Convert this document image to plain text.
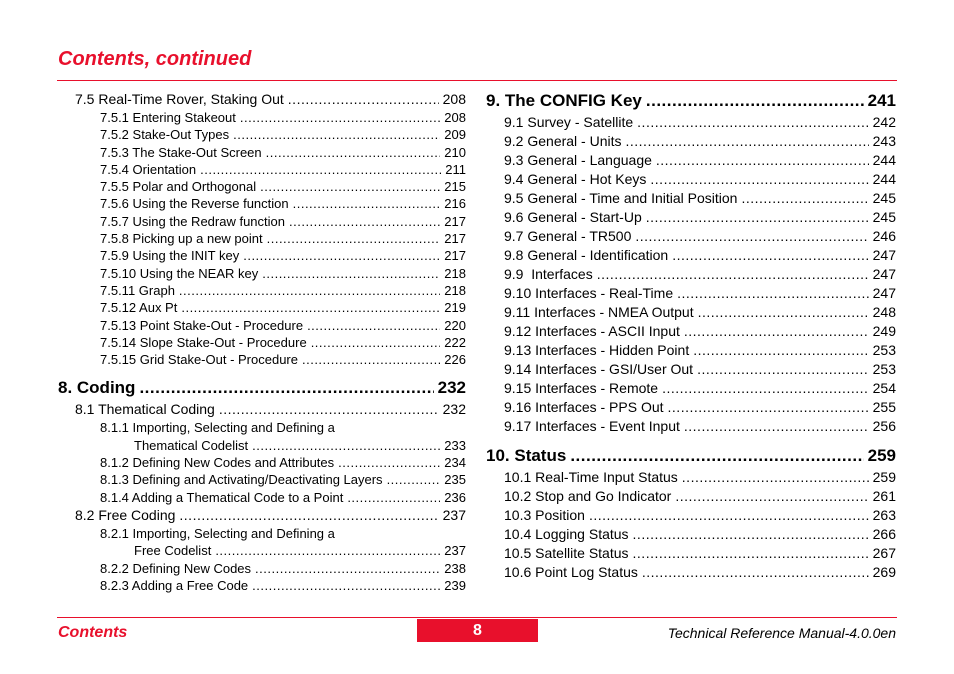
Contents, continued
7.5 Real-Time Rover, Staking Out .....	208
7.5.1 Entering Stakeout .....	208
7.5.2 Stake-Out Types .....	209
7.5.3 The Stake-Out Screen .....	210
7.5.4 Orientation .....	211
7.5.5 Polar and Orthogonal .....	215
7.5.6 Using the Reverse function .....	216
7.5.7 Using the Redraw function .....	217
7.5.8 Picking up a new point .....	217
7.5.9 Using the INIT key .....	217
7.5.10 Using the NEAR key .....	218
7.5.11 Graph .....	218
7.5.12 Aux Pt .....	219
7.5.13 Point Stake-Out - Procedure .....	220
7.5.14 Slope Stake-Out - Procedure .....	222
7.5.15 Grid Stake-Out - Procedure .....	226
8. Coding .....	232
8.1 Thematical Coding .....	232
8.1.1 Importing, Selecting and Defining a
Thematical Codelist .....	233
8.1.2 Defining New Codes and Attributes .....	234
8.1.3 Defining and Activating/Deactivating Layers .....	235
8.1.4 Adding a Thematical Code to a Point .....	236
8.2 Free Coding .....	237
8.2.1 Importing, Selecting and Defining a
Free Codelist .....	237
8.2.2 Defining New Codes .....	238
8.2.3 Adding a Free Code .....	239
9. The CONFIG Key .....	241
9.1 Survey - Satellite .....	242
9.2 General - Units .....	243
9.3 General - Language .....	244
9.4 General - Hot Keys .....	244
9.5 General - Time and Initial Position .....	245
9.6 General - Start-Up .....	245
9.7 General - TR500 .....	246
9.8 General - Identification .....	247
9.9  Interfaces .....	247
9.10 Interfaces - Real-Time .....	247
9.11 Interfaces - NMEA Output .....	248
9.12 Interfaces - ASCII Input .....	249
9.13 Interfaces - Hidden Point .....	253
9.14 Interfaces - GSI/User Out .....	253
9.15 Interfaces - Remote .....	254
9.16 Interfaces - PPS Out .....	255
9.17 Interfaces - Event Input .....	256
10. Status .....	259
10.1 Real-Time Input Status .....	259
10.2 Stop and Go Indicator .....	261
10.3 Position .....	263
10.4 Logging Status .....	266
10.5 Satellite Status .....	267
10.6 Point Log Status .....	269
Contents	8	Technical Reference Manual-4.0.0en
